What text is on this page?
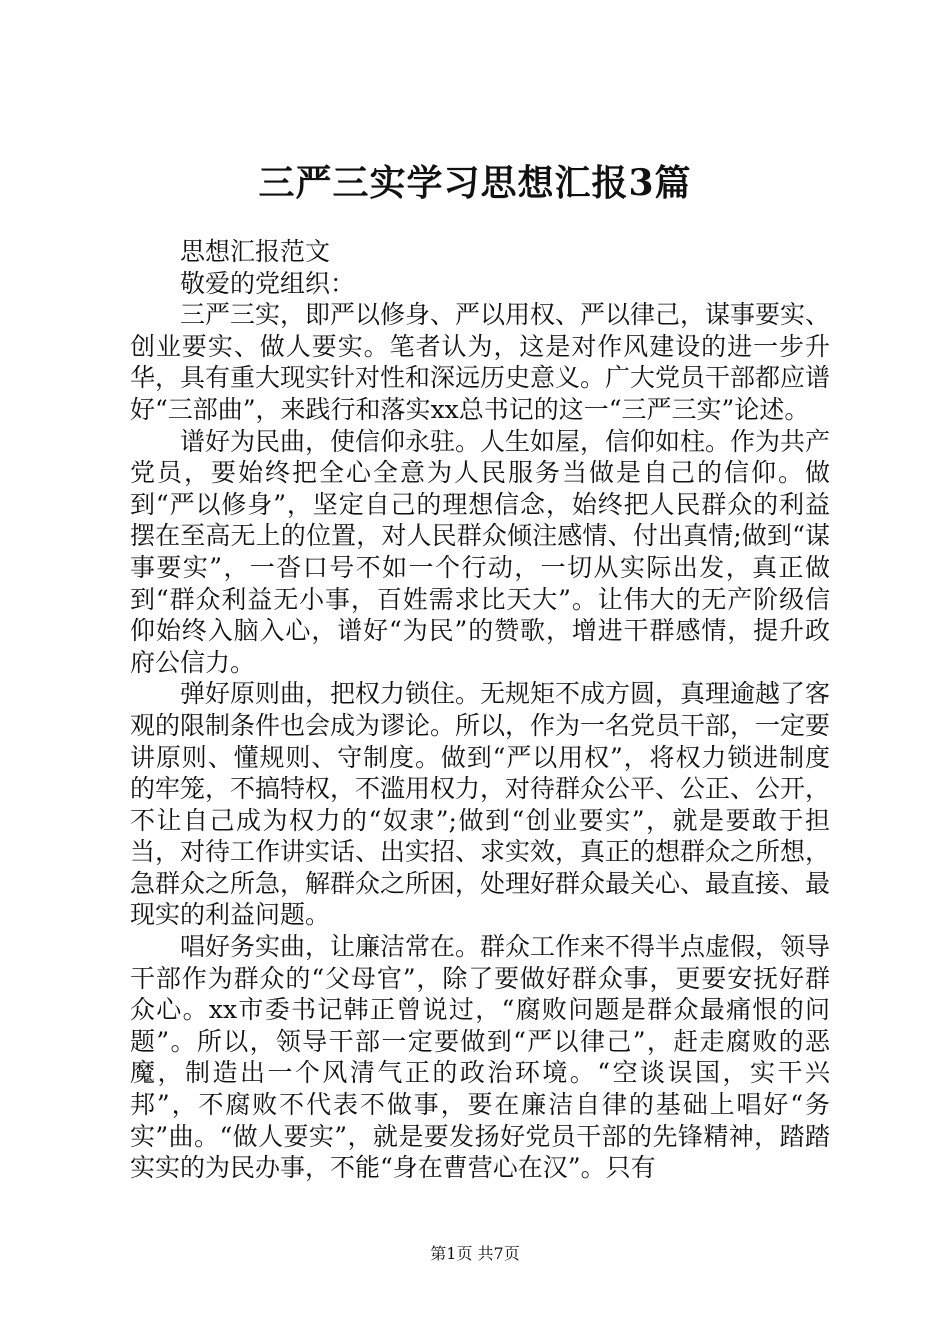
三严三实学习思想汇报3篇

思想汇报范文

敬爱的党组织：

三严三实，即严以修身、严以用权、严以律己，谋事要实、创业要实、做人要实。笔者认为，这是对作风建设的进一步升华，具有重大现实针对性和深远历史意义。广大党员干部都应谱好“三部曲”，来践行和落实xx总书记的这一“三严三实”论述。

谱好为民曲，使信仰永驻。人生如屋，信仰如柱。作为共产党员，要始终把全心全意为人民服务当做是自己的信仰。做到“严以修身”，坚定自己的理想信念，始终把人民群众的利益摆在至高无上的位置，对人民群众倾注感情、付出真情;做到“谋事要实”，一沓口号不如一个行动，一切从实际出发，真正做到“群众利益无小事，百姓需求比天大”。让伟大的无产阶级信仰始终入脑入心，谱好“为民”的赞歌，增进干群感情，提升政府公信力。

弹好原则曲，把权力锁住。无规矩不成方圆，真理逾越了客观的限制条件也会成为谬论。所以，作为一名党员干部，一定要讲原则、懂规则、守制度。做到“严以用权”，将权力锁进制度的牢笼，不搞特权，不滥用权力，对待群众公平、公正、公开，不让自己成为权力的“奴隶”;做到“创业要实”，就是要敢于担当，对待工作讲实话、出实招、求实效，真正的想群众之所想，急群众之所急，解群众之所困，处理好群众最关心、最直接、最现实的利益问题。

唱好务实曲，让廉洁常在。群众工作来不得半点虚假，领导干部作为群众的“父母官”，除了要做好群众事，更要安抚好群众心。xx市委书记韩正曾说过，“腐败问题是群众最痛恨的问题”。所以，领导干部一定要做到“严以律己”，赶走腐败的恶魔，制造出一个风清气正的政治环境。“空谈误国，实干兴邦”，不腐败不代表不做事，要在廉洁自律的基础上唱好“务实”曲。“做人要实”，就是要发扬好党员干部的先锋精神，踏踏实实的为民办事，不能“身在曹营心在汉”。只有

第1页 共7页
